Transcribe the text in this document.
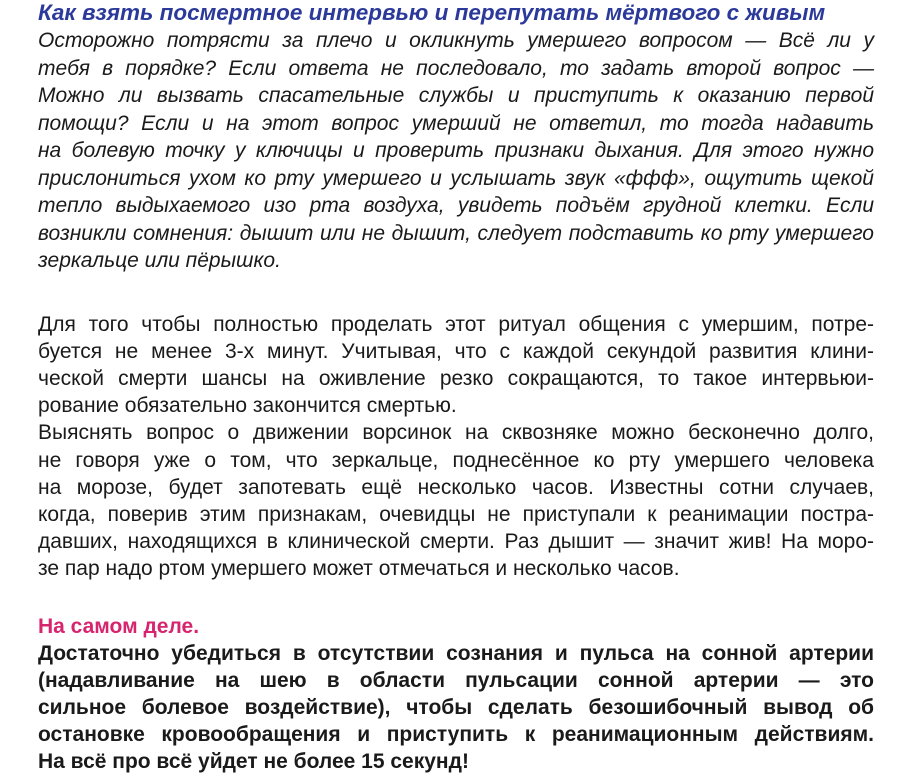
Как взять посмертное интервью и перепутать мёртвого с живым
Осторожно потрясти за плечо и окликнуть умершего вопросом — Всё ли у
тебя в порядке? Если ответа не последовало, то задать второй вопрос —
Можно ли вызвать спасательные службы и приступить к оказанию первой
помощи? Если и на этот вопрос умерший не ответил, то тогда надавить
на болевую точку у ключицы и проверить признаки дыхания. Для этого нужно
прислониться ухом ко рту умершего и услышать звук «ффф», ощутить щекой
тепло выдыхаемого изо рта воздуха, увидеть подъём грудной клетки. Если
возникли сомнения: дышит или не дышит, следует подставить ко рту умершего
зеркальце или пёрышко.
Для того чтобы полностью проделать этот ритуал общения с умершим, потре-
буется не менее 3-х минут. Учитывая, что с каждой секундой развития клини-
ческой смерти шансы на оживление резко сокращаются, то такое интервьюи-
рование обязательно закончится смертью.
Выяснять вопрос о движении ворсинок на сквозняке можно бесконечно долго,
не говоря уже о том, что зеркальце, поднесённое ко рту умершего человека
на морозе, будет запотевать ещё несколько часов. Известны сотни случаев,
когда, поверив этим признакам, очевидцы не приступали к реанимации постра-
давших, находящихся в клинической смерти. Раз дышит — значит жив! На моро-
зе пар надо ртом умершего может отмечаться и несколько часов.
На самом деле.
Достаточно убедиться в отсутствии сознания и пульса на сонной артерии
(надавливание на шею в области пульсации сонной артерии — это
сильное болевое воздействие), чтобы сделать безошибочный вывод об
остановке кровообращения и приступить к реанимационным действиям.
На всё про всё уйдет не более 15 секунд!
